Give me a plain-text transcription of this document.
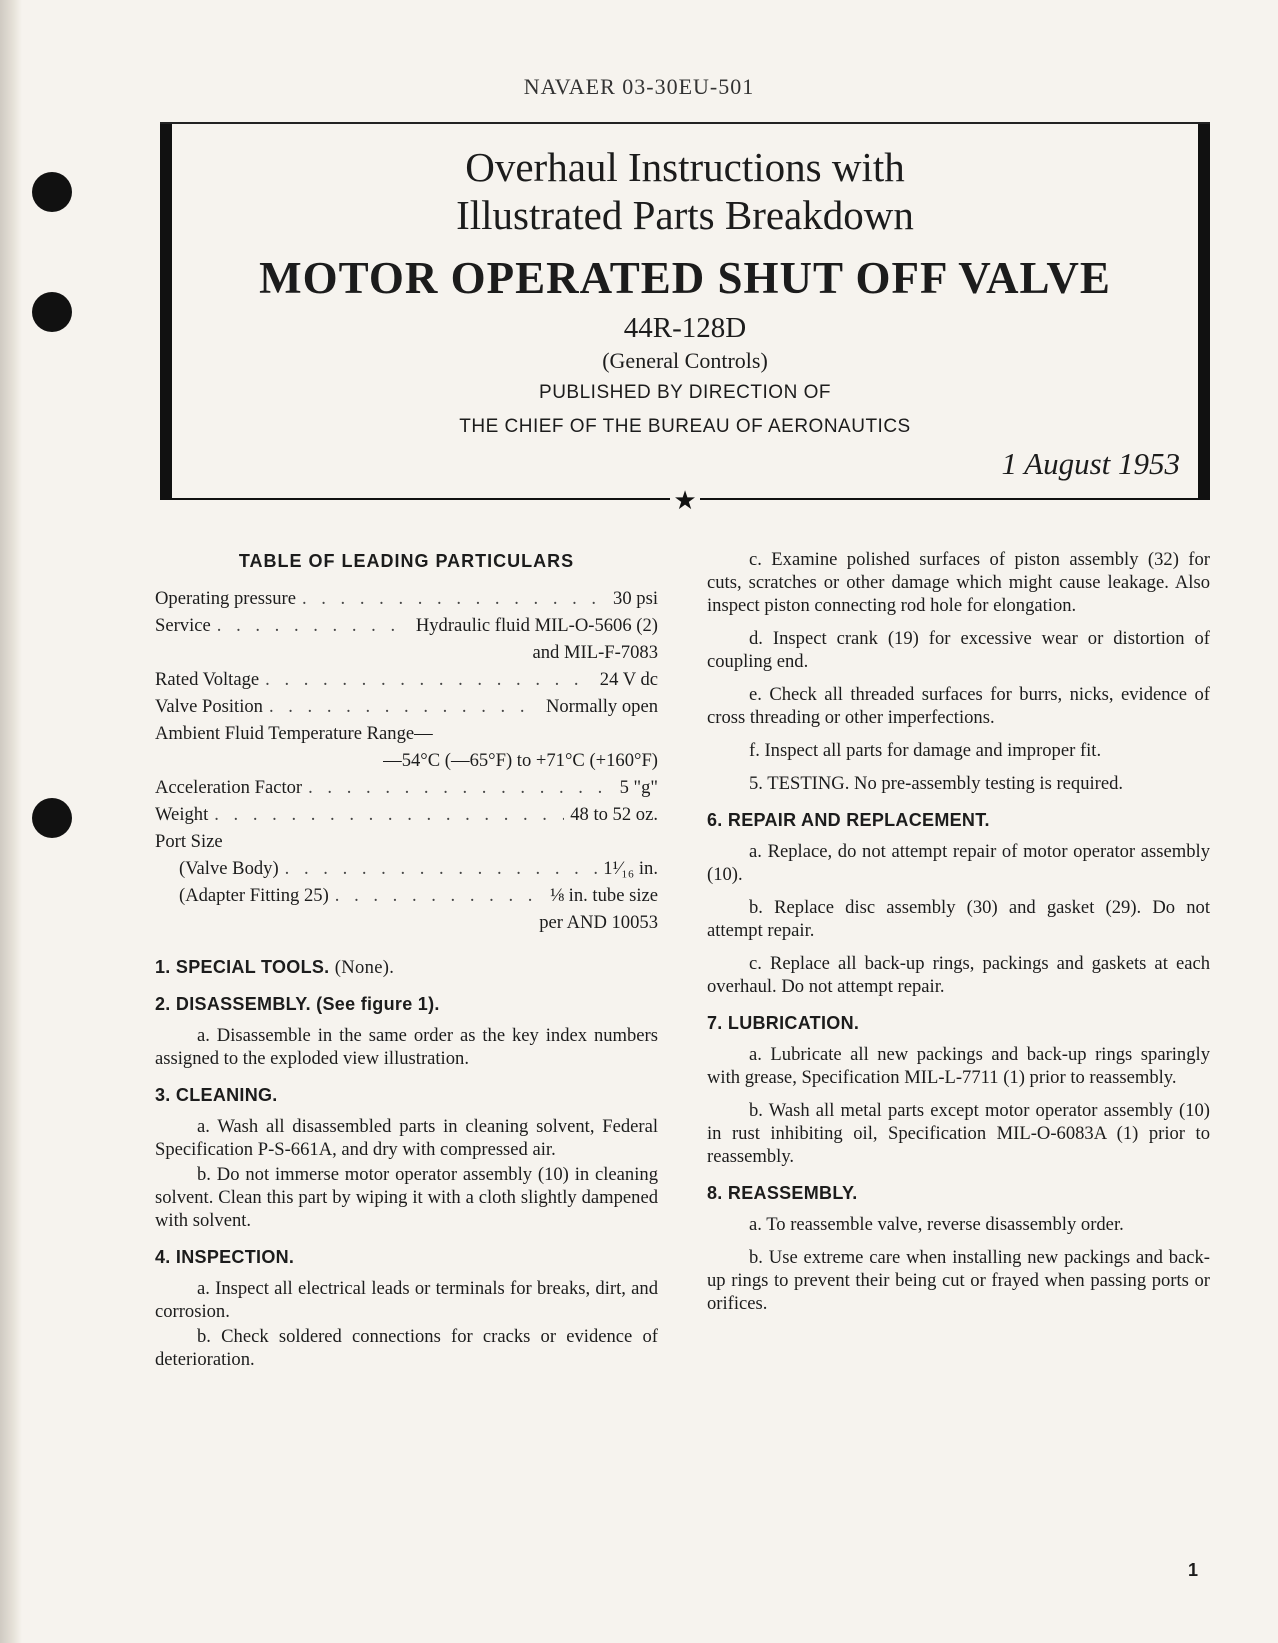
NAVAER 03-30EU-501
Overhaul Instructions with
Illustrated Parts Breakdown
MOTOR OPERATED SHUT OFF VALVE
44R-128D
(General Controls)
PUBLISHED BY DIRECTION OF
THE CHIEF OF THE BUREAU OF AERONAUTICS
1 August 1953
★
TABLE OF LEADING PARTICULARS
Operating pressure . . .	30 psi
Service . . .	Hydraulic fluid MIL-O-5606 (2)
and MIL-F-7083
Rated Voltage . . .	24 V dc
Valve Position . . .	Normally open
Ambient Fluid Temperature Range—
—54°C (—65°F) to +71°C (+160°F)
Acceleration Factor . . .	5 "g"
Weight . . .	48 to 52 oz.
Port Size
(Valve Body) . . .	1¹⁄₁₆ in.
(Adapter Fitting 25) . . .	⅛ in. tube size
per AND 10053
1. SPECIAL TOOLS. (None).
2. DISASSEMBLY. (See figure 1).
a. Disassemble in the same order as the key index numbers assigned to the exploded view illustration.
3. CLEANING.
a. Wash all disassembled parts in cleaning solvent, Federal Specification P-S-661A, and dry with compressed air.
b. Do not immerse motor operator assembly (10) in cleaning solvent. Clean this part by wiping it with a cloth slightly dampened with solvent.
4. INSPECTION.
a. Inspect all electrical leads or terminals for breaks, dirt, and corrosion.
b. Check soldered connections for cracks or evidence of deterioration.
c. Examine polished surfaces of piston assembly (32) for cuts, scratches or other damage which might cause leakage. Also inspect piston connecting rod hole for elongation.
d. Inspect crank (19) for excessive wear or distortion of coupling end.
e. Check all threaded surfaces for burrs, nicks, evidence of cross threading or other imperfections.
f. Inspect all parts for damage and improper fit.
5. TESTING. No pre-assembly testing is required.
6. REPAIR AND REPLACEMENT.
a. Replace, do not attempt repair of motor operator assembly (10).
b. Replace disc assembly (30) and gasket (29). Do not attempt repair.
c. Replace all back-up rings, packings and gaskets at each overhaul. Do not attempt repair.
7. LUBRICATION.
a. Lubricate all new packings and back-up rings sparingly with grease, Specification MIL-L-7711 (1) prior to reassembly.
b. Wash all metal parts except motor operator assembly (10) in rust inhibiting oil, Specification MIL-O-6083A (1) prior to reassembly.
8. REASSEMBLY.
a. To reassemble valve, reverse disassembly order.
b. Use extreme care when installing new packings and back-up rings to prevent their being cut or frayed when passing ports or orifices.
1
